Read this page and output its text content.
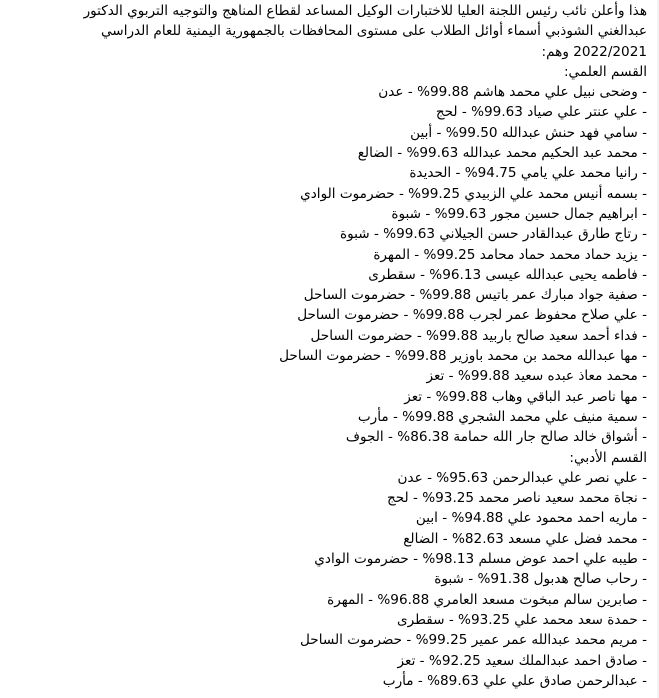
هذا وأعلن نائب رئيس اللجنة العليا للاختبارات الوكيل المساعد لقطاع المناهج والتوجيه التربوي الدكتور
عبدالغني الشوذبي أسماء أوائل الطلاب على مستوى المحافظات بالجمهورية اليمنية للعام الدراسي
2022/2021 وهم:
القسم العلمي:
- وضحى نبيل علي محمد هاشم 99.88% - عدن
- علي عنتر علي صياد 99.63% - لحج
- سامي فهد حنش عبدالله 99.50% - أبين
- محمد عبد الحكيم محمد عبدالله 99.63% - الضالع
- رانيا محمد علي يامي 94.75% - الحديدة
- بسمه أنيس محمد علي الزبيدي 99.25% - حضرموت الوادي
- ابراهيم جمال حسين مجور 99.63% - شبوة
- رتاج طارق عبدالقادر حسن الجيلاني 99.63% - شبوة
- يزيد حماد محمد حماد محامد 99.25% - المهرة
- فاطمه يحيى عبدالله عيسى 96.13% - سقطرى
- صفية جواد مبارك عمر باتيس 99.88% - حضرموت الساحل
- علي صلاح محفوظ عمر لجرب 99.88% - حضرموت الساحل
- فداء أحمد سعيد صالح باربيد 99.88% - حضرموت الساحل
- مها عبدالله محمد بن محمد باوزير 99.88% - حضرموت الساحل
- محمد معاذ عبده سعيد 99.88% - تعز
- مها ناصر عبد الباقي وهاب 99.88% - تعز
- سمية منيف علي محمد الشجري 99.88% - مأرب
- أشواق خالد صالح جار الله حمامة 86.38% - الجوف
القسم الأدبي:
- علي نصر علي عبدالرحمن 95.63% - عدن
- نجاة محمد سعيد ناصر محمد 93.25% - لحج
- ماريه احمد محمود علي 94.88% - ابين
- محمد فضل علي مسعد 82.63% - الضالع
- طيبه علي احمد عوض مسلم 98.13% - حضرموت الوادي
- رحاب صالح هدبول 91.38% - شبوة
- صابرين سالم مبخوت مسعد العامري 96.88% - المهرة
- حمدة سعد محمد علي 93.25% - سقطرى
- مريم محمد عبدالله عمر عمير 99.25% - حضرموت الساحل
- صادق احمد عبدالملك سعيد 92.25% - تعز
- عبدالرحمن صادق علي علي 89.63% - مأرب
